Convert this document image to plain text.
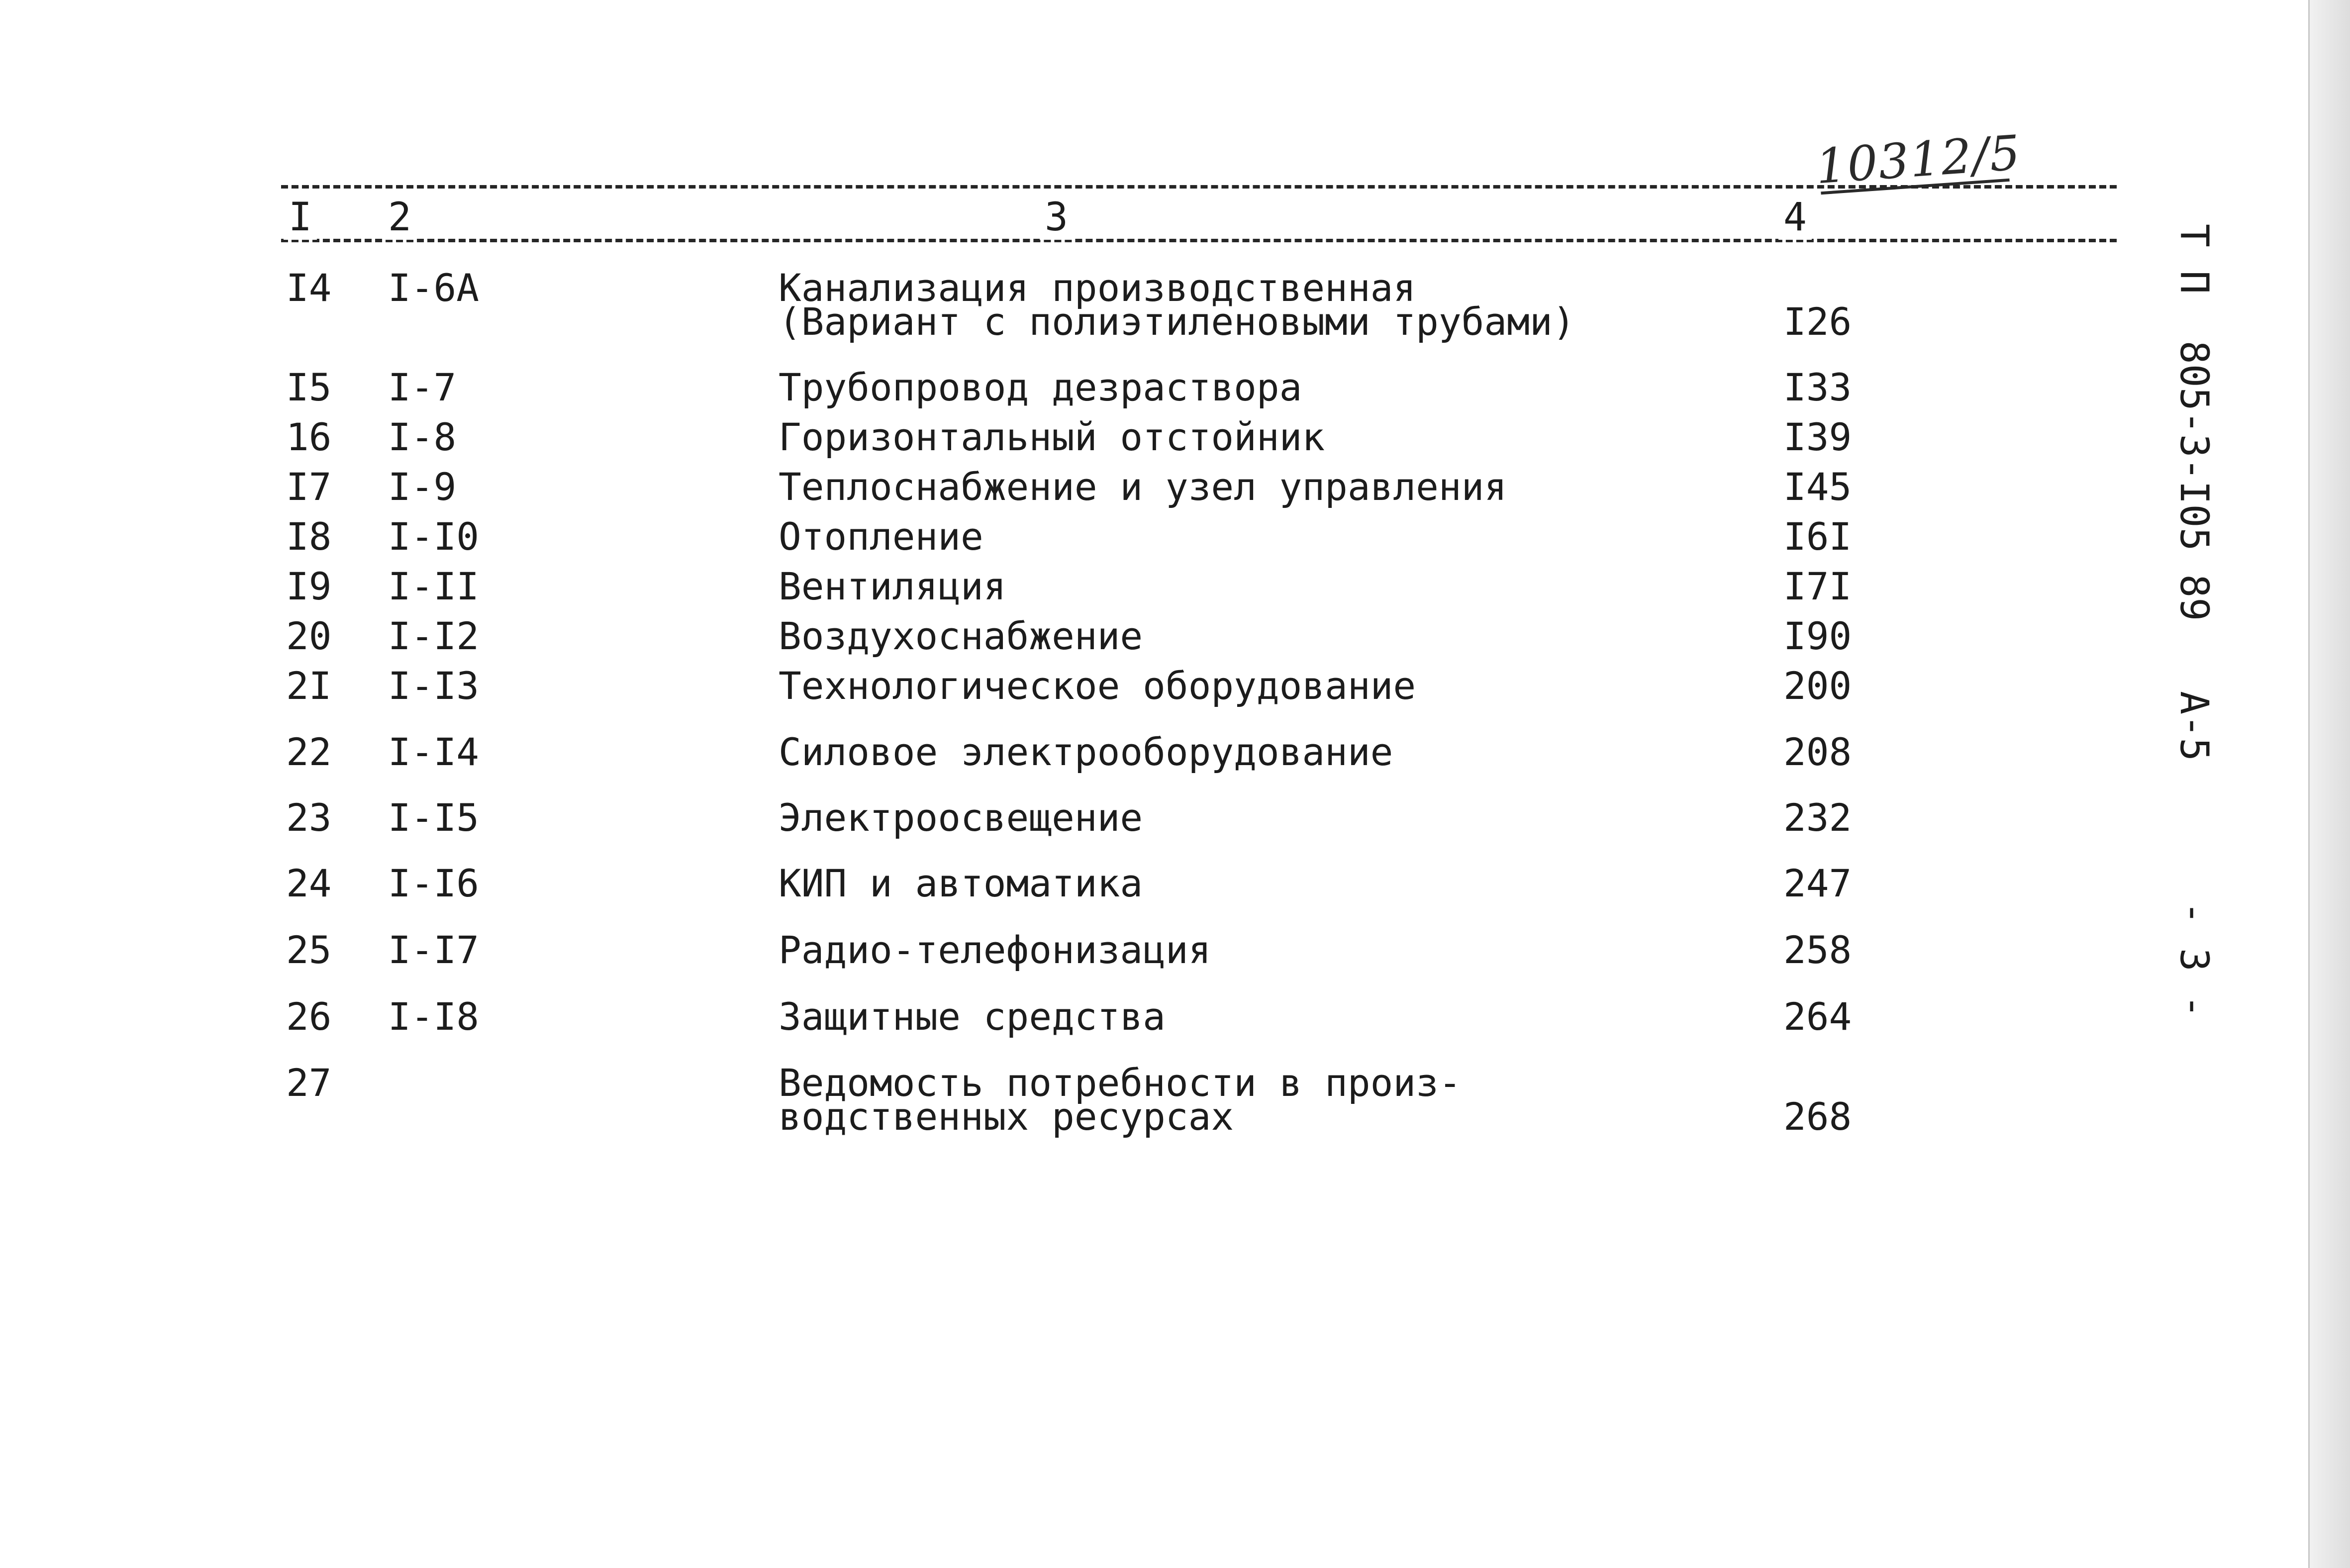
10312/5
I 2	3	4
I4 I-6A	Канализация производственная
(Вариант с полиэтиленовыми трубами)	I26
I5 I-7	Трубопровод дезраствора	I33
16 I-8	Горизонтальный отстойник	I39
I7 I-9	Теплоснабжение и узел управления	I45
I8 I-I0	Отопление	I6I
I9 I-II	Вентиляция	I7I
20 I-I2	Воздухоснабжение	I90
2I I-I3	Технологическое оборудование	200
22 I-I4	Силовое электрооборудование	208
23 I-I5	Электроосвещение	232
24 I-I6	КИП и автоматика	247
25 I-I7	Радио-телефонизация	258
26 I-I8	Защитные средства	264
27	Ведомость потребности в произ-
водственных ресурсах	268
Т П  805-3-I05 89   А-5      - 3 -
